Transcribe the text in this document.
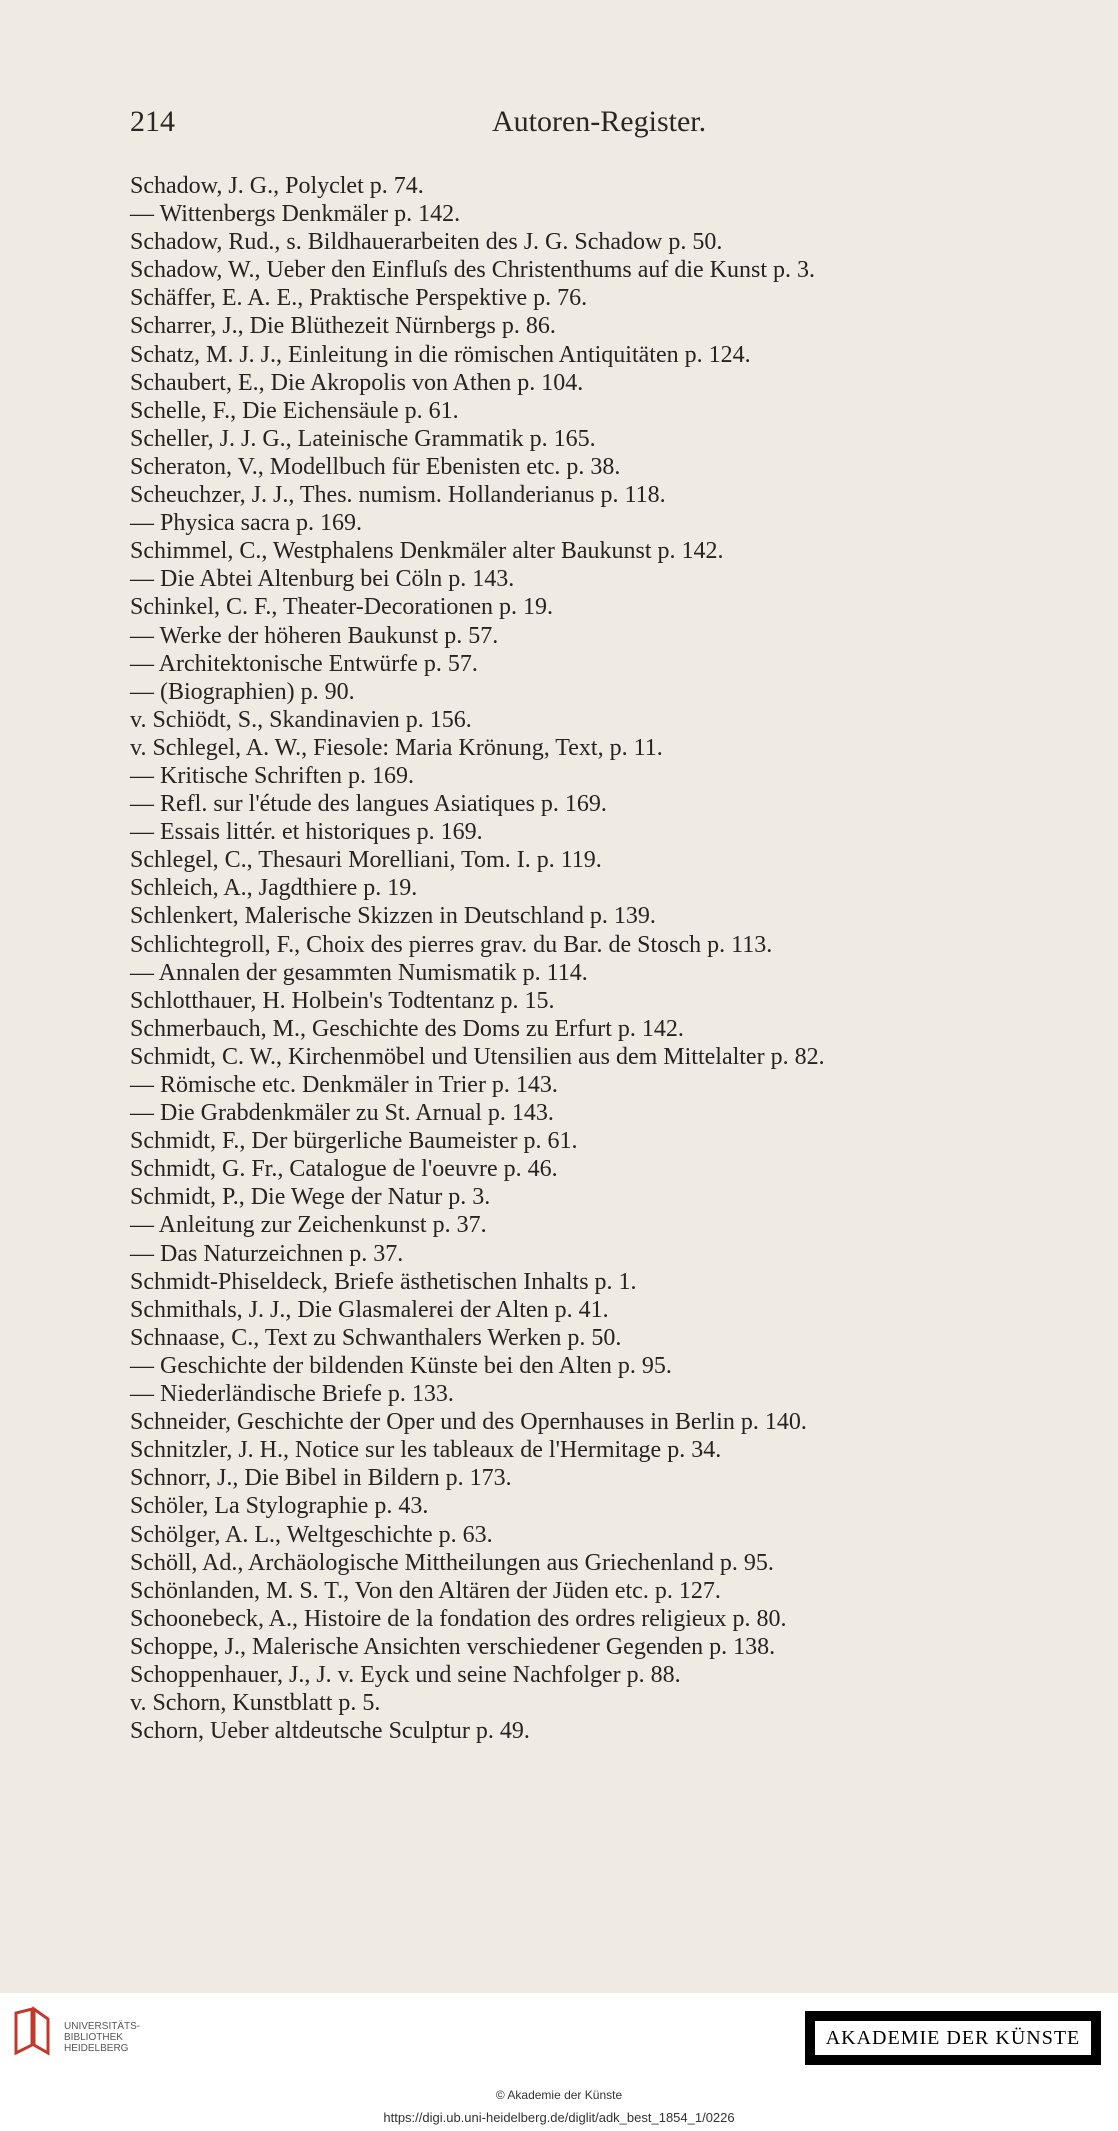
214	Autoren-Register.
Schadow, J. G., Polyclet p. 74.
— Wittenbergs Denkmäler p. 142.
Schadow, Rud., s. Bildhauerarbeiten des J. G. Schadow p. 50.
Schadow, W., Ueber den Einfluſs des Christenthums auf die Kunst p. 3.
Schäffer, E. A. E., Praktische Perspektive p. 76.
Scharrer, J., Die Blüthezeit Nürnbergs p. 86.
Schatz, M. J. J., Einleitung in die römischen Antiquitäten p. 124.
Schaubert, E., Die Akropolis von Athen p. 104.
Schelle, F., Die Eichensäule p. 61.
Scheller, J. J. G., Lateinische Grammatik p. 165.
Scheraton, V., Modellbuch für Ebenisten etc. p. 38.
Scheuchzer, J. J., Thes. numism. Hollanderianus p. 118.
— Physica sacra p. 169.
Schimmel, C., Westphalens Denkmäler alter Baukunst p. 142.
— Die Abtei Altenburg bei Cöln p. 143.
Schinkel, C. F., Theater-Decorationen p. 19.
— Werke der höheren Baukunst p. 57.
— Architektonische Entwürfe p. 57.
— (Biographien) p. 90.
v. Schiödt, S., Skandinavien p. 156.
v. Schlegel, A. W., Fiesole: Maria Krönung, Text, p. 11.
— Kritische Schriften p. 169.
— Refl. sur l'étude des langues Asiatiques p. 169.
— Essais littér. et historiques p. 169.
Schlegel, C., Thesauri Morelliani, Tom. I. p. 119.
Schleich, A., Jagdthiere p. 19.
Schlenkert, Malerische Skizzen in Deutschland p. 139.
Schlichtegroll, F., Choix des pierres grav. du Bar. de Stosch p. 113.
— Annalen der gesammten Numismatik p. 114.
Schlotthauer, H. Holbein's Todtentanz p. 15.
Schmerbauch, M., Geschichte des Doms zu Erfurt p. 142.
Schmidt, C. W., Kirchenmöbel und Utensilien aus dem Mittelalter p. 82.
— Römische etc. Denkmäler in Trier p. 143.
— Die Grabdenkmäler zu St. Arnual p. 143.
Schmidt, F., Der bürgerliche Baumeister p. 61.
Schmidt, G. Fr., Catalogue de l'oeuvre p. 46.
Schmidt, P., Die Wege der Natur p. 3.
— Anleitung zur Zeichenkunst p. 37.
— Das Naturzeichnen p. 37.
Schmidt-Phiseldeck, Briefe ästhetischen Inhalts p. 1.
Schmithals, J. J., Die Glasmalerei der Alten p. 41.
Schnaase, C., Text zu Schwanthalers Werken p. 50.
— Geschichte der bildenden Künste bei den Alten p. 95.
— Niederländische Briefe p. 133.
Schneider, Geschichte der Oper und des Opernhauses in Berlin p. 140.
Schnitzler, J. H., Notice sur les tableaux de l'Hermitage p. 34.
Schnorr, J., Die Bibel in Bildern p. 173.
Schöler, La Stylographie p. 43.
Schölger, A. L., Weltgeschichte p. 63.
Schöll, Ad., Archäologische Mittheilungen aus Griechenland p. 95.
Schönlanden, M. S. T., Von den Altären der Jüden etc. p. 127.
Schoonebeck, A., Histoire de la fondation des ordres religieux p. 80.
Schoppe, J., Malerische Ansichten verschiedener Gegenden p. 138.
Schoppenhauer, J., J. v. Eyck und seine Nachfolger p. 88.
v. Schorn, Kunstblatt p. 5.
Schorn, Ueber altdeutsche Sculptur p. 49.
UNIVERSITÄTS-
BIBLIOTHEK
HEIDELBERG	AKADEMIE DER KÜNSTE
© Akademie der Künste
https://digi.ub.uni-heidelberg.de/diglit/adk_best_1854_1/0226
